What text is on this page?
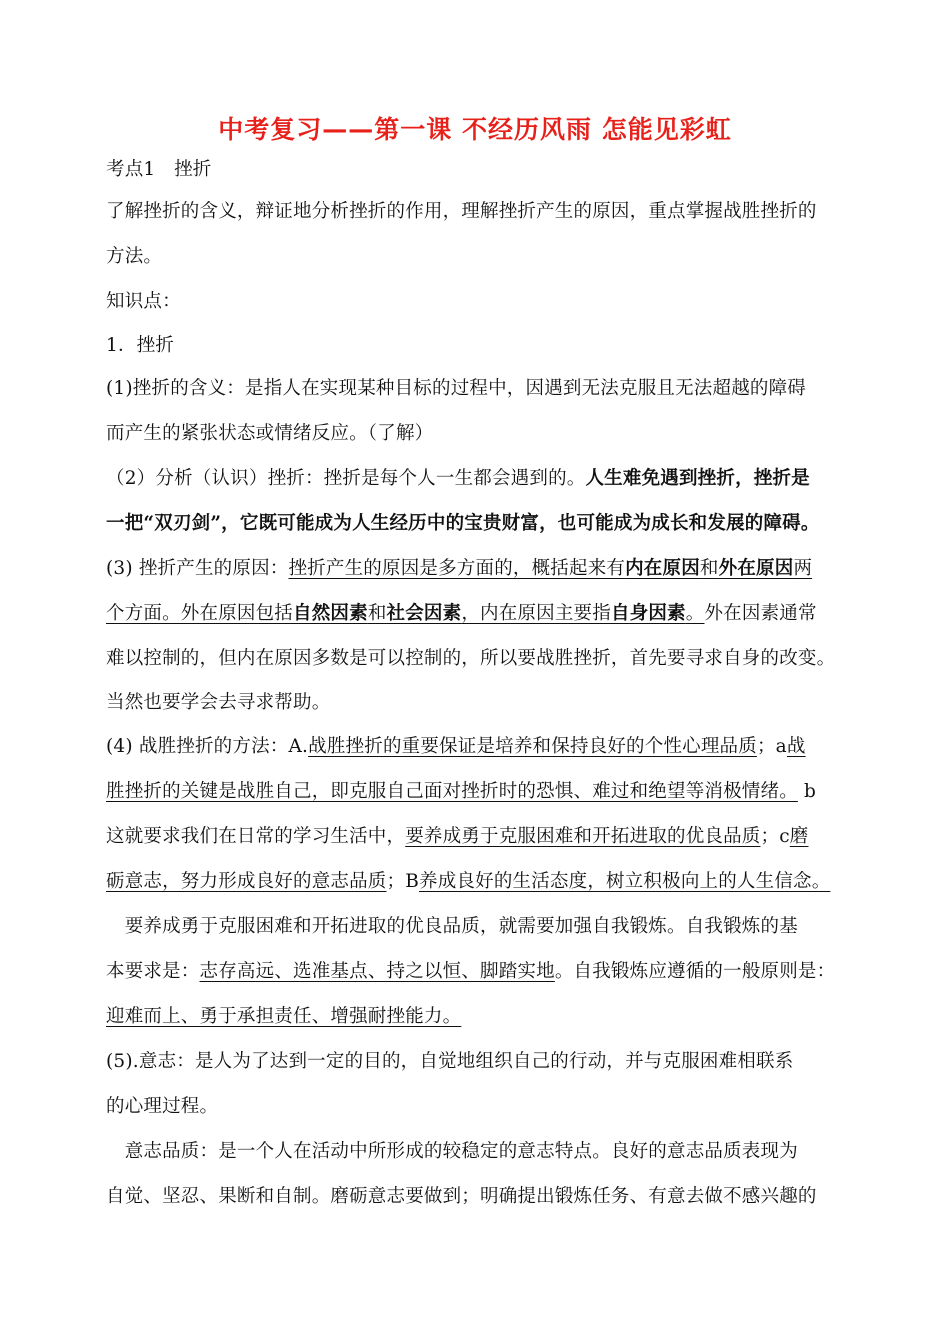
中考复习——第一课 不经历风雨 怎能见彩虹
考点1　挫折
了解挫折的含义，辩证地分析挫折的作用，理解挫折产生的原因，重点掌握战胜挫折的
方法。
知识点：
1．挫折
(1)挫折的含义：是指人在实现某种目标的过程中，因遇到无法克服且无法超越的障碍
而产生的紧张状态或情绪反应。（了解）
（2）分析（认识）挫折：挫折是每个人一生都会遇到的。人生难免遇到挫折，挫折是
一把“双刃剑”，它既可能成为人生经历中的宝贵财富，也可能成为成长和发展的障碍。
(3) 挫折产生的原因：挫折产生的原因是多方面的，概括起来有内在原因和外在原因两
个方面。外在原因包括自然因素和社会因素，内在原因主要指自身因素。外在因素通常
难以控制的，但内在原因多数是可以控制的，所以要战胜挫折，首先要寻求自身的改变。
当然也要学会去寻求帮助。
(4) 战胜挫折的方法：A.战胜挫折的重要保证是培养和保持良好的个性心理品质；a战
胜挫折的关键是战胜自己，即克服自己面对挫折时的恐惧、难过和绝望等消极情绪。 b
这就要求我们在日常的学习生活中，要养成勇于克服困难和开拓进取的优良品质；c磨
砺意志，努力形成良好的意志品质；B养成良好的生活态度，树立积极向上的人生信念。
　要养成勇于克服困难和开拓进取的优良品质，就需要加强自我锻炼。自我锻炼的基
本要求是：志存高远、选准基点、持之以恒、脚踏实地。自我锻炼应遵循的一般原则是：
迎难而上、勇于承担责任、增强耐挫能力。
(5).意志：是人为了达到一定的目的，自觉地组织自己的行动，并与克服困难相联系
的心理过程。
　意志品质：是一个人在活动中所形成的较稳定的意志特点。良好的意志品质表现为
自觉、坚忍、果断和自制。磨砺意志要做到；明确提出锻炼任务、有意去做不感兴趣的
